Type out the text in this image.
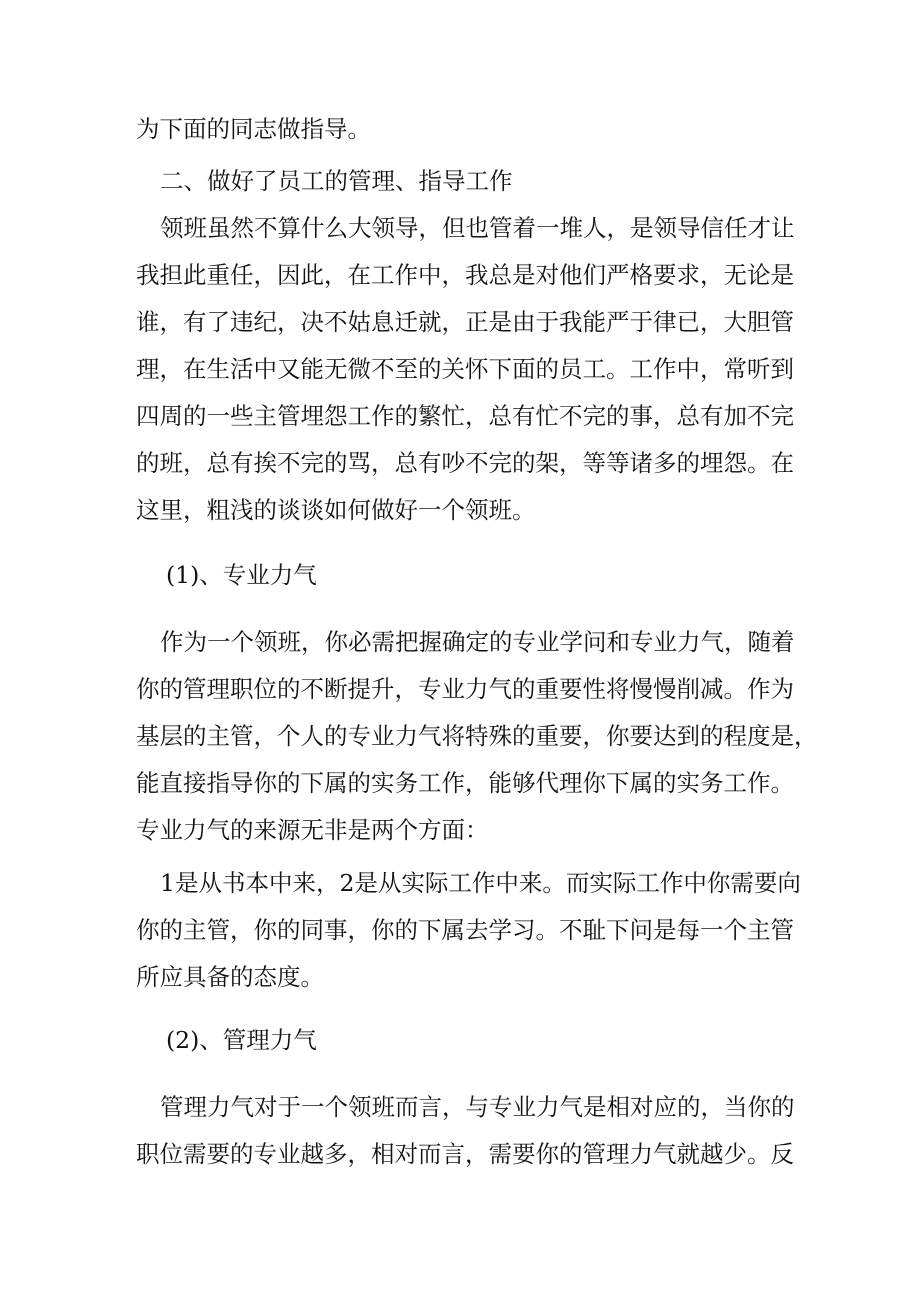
为下面的同志做指导。
二、做好了员工的管理、指导工作
领班虽然不算什么大领导，但也管着一堆人，是领导信任才让
我担此重任，因此，在工作中，我总是对他们严格要求，无论是
谁，有了违纪，决不姑息迁就，正是由于我能严于律已，大胆管
理，在生活中又能无微不至的关怀下面的员工。工作中，常听到
四周的一些主管埋怨工作的繁忙，总有忙不完的事，总有加不完
的班，总有挨不完的骂，总有吵不完的架，等等诸多的埋怨。在
这里，粗浅的谈谈如何做好一个领班。
(1)、专业力气
作为一个领班，你必需把握确定的专业学问和专业力气，随着
你的管理职位的不断提升，专业力气的重要性将慢慢削减。作为
基层的主管，个人的专业力气将特殊的重要，你要达到的程度是，
能直接指导你的下属的实务工作，能够代理你下属的实务工作。
专业力气的来源无非是两个方面：
1是从书本中来，2是从实际工作中来。而实际工作中你需要向
你的主管，你的同事，你的下属去学习。不耻下问是每一个主管
所应具备的态度。
(2)、管理力气
管理力气对于一个领班而言，与专业力气是相对应的，当你的
职位需要的专业越多，相对而言，需要你的管理力气就越少。反
